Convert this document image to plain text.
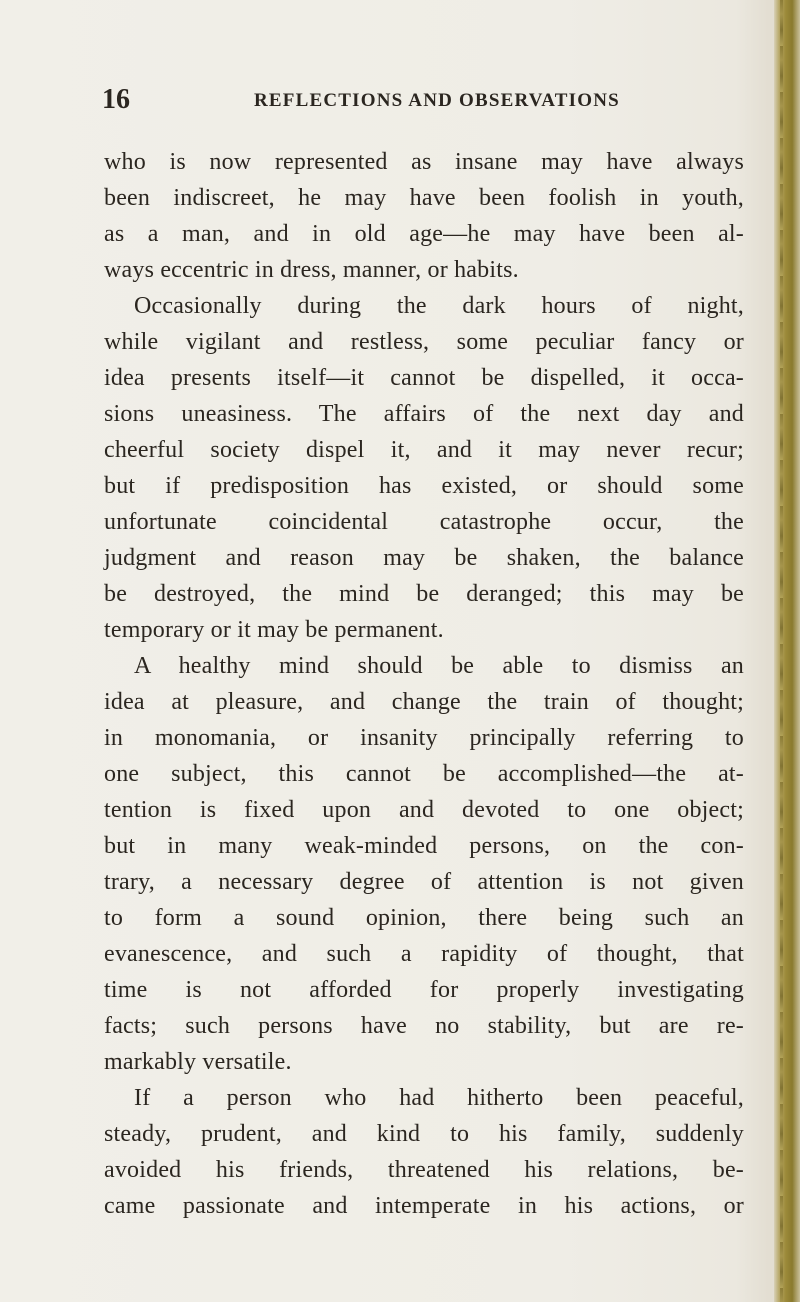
16	REFLECTIONS AND OBSERVATIONS
who is now represented as insane may have always
been indiscreet, he may have been foolish in youth,
as a man, and in old age—he may have been al-
ways eccentric in dress, manner, or habits.
Occasionally during the dark hours of night,
while vigilant and restless, some peculiar fancy or
idea presents itself—it cannot be dispelled, it occa-
sions uneasiness. The affairs of the next day and
cheerful society dispel it, and it may never recur;
but if predisposition has existed, or should some
unfortunate coincidental catastrophe occur, the
judgment and reason may be shaken, the balance
be destroyed, the mind be deranged; this may be
temporary or it may be permanent.
A healthy mind should be able to dismiss an
idea at pleasure, and change the train of thought;
in monomania, or insanity principally referring to
one subject, this cannot be accomplished—the at-
tention is fixed upon and devoted to one object;
but in many weak-minded persons, on the con-
trary, a necessary degree of attention is not given
to form a sound opinion, there being such an
evanescence, and such a rapidity of thought, that
time is not afforded for properly investigating
facts; such persons have no stability, but are re-
markably versatile.
If a person who had hitherto been peaceful,
steady, prudent, and kind to his family, suddenly
avoided his friends, threatened his relations, be-
came passionate and intemperate in his actions, or
